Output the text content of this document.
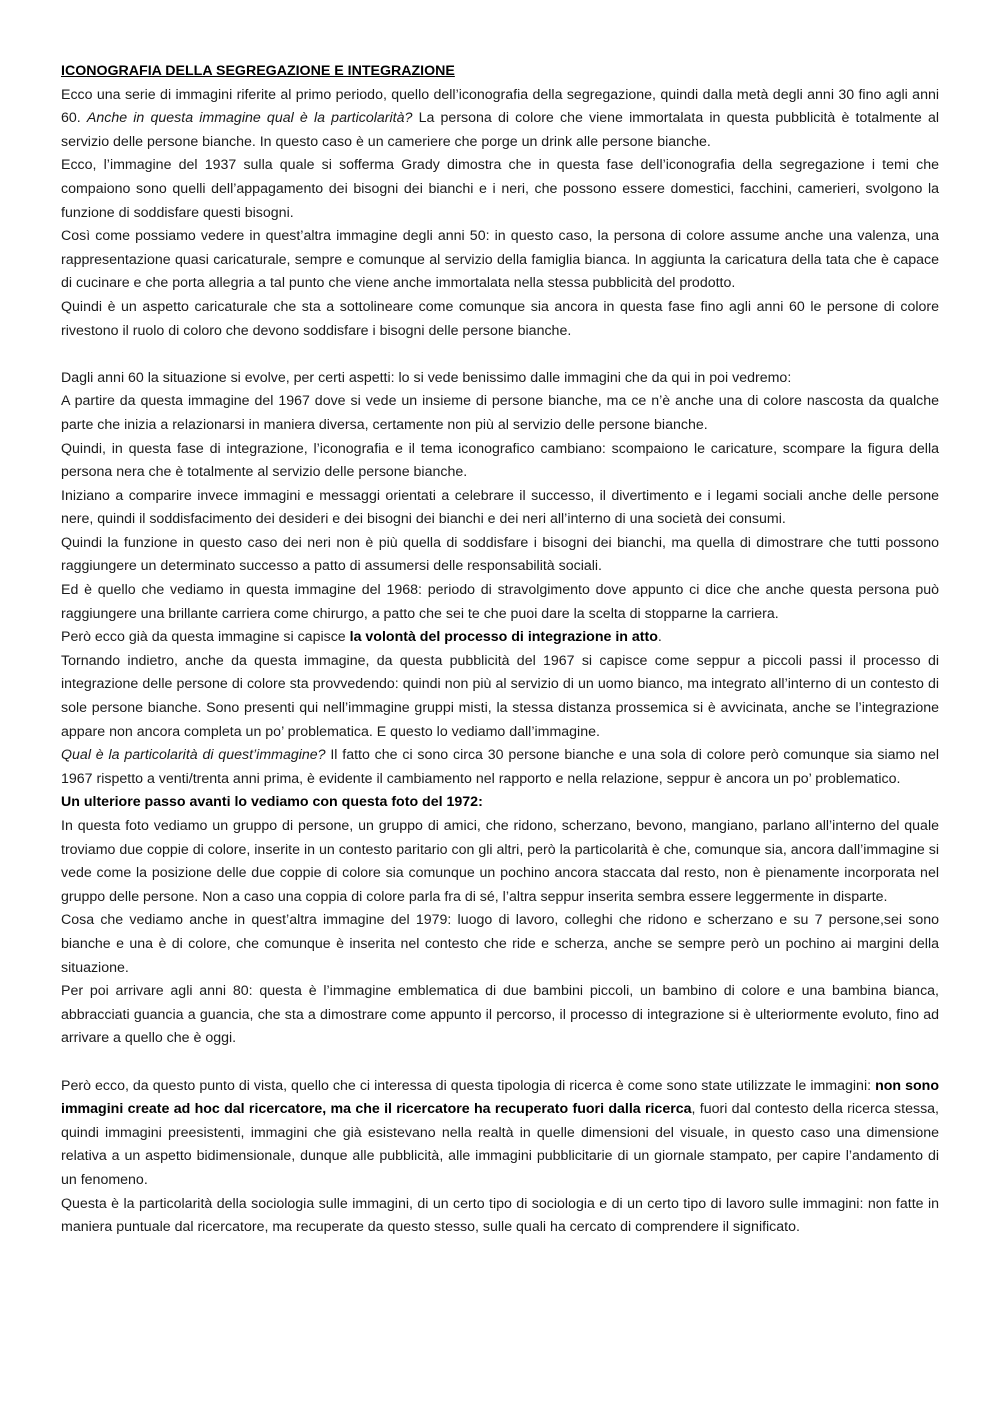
ICONOGRAFIA DELLA SEGREGAZIONE E INTEGRAZIONE

Ecco una serie di immagini riferite al primo periodo, quello dell’iconografia della segregazione, quindi dalla metà degli anni 30 fino agli anni 60. Anche in questa immagine qual è la particolarità? La persona di colore che viene immortalata in questa pubblicità è totalmente al servizio delle persone bianche. In questo caso è un cameriere che porge un drink alle persone bianche.

Ecco, l’immagine del 1937 sulla quale si sofferma Grady dimostra che in questa fase dell’iconografia della segregazione i temi che compaiono sono quelli dell’appagamento dei bisogni dei bianchi e i neri, che possono essere domestici, facchini, camerieri, svolgono la funzione di soddisfare questi bisogni.

Così come possiamo vedere in quest’altra immagine degli anni 50: in questo caso, la persona di colore assume anche una valenza, una rappresentazione quasi caricaturale, sempre e comunque al servizio della famiglia bianca. In aggiunta la caricatura della tata che è capace di cucinare e che porta allegria a tal punto che viene anche immortalata nella stessa pubblicità del prodotto.

Quindi è un aspetto caricaturale che sta a sottolineare come comunque sia ancora in questa fase fino agli anni 60 le persone di colore rivestono il ruolo di coloro che devono soddisfare i bisogni delle persone bianche.

Dagli anni 60 la situazione si evolve, per certi aspetti: lo si vede benissimo dalle immagini che da qui in poi vedremo:

A partire da questa immagine del 1967 dove si vede un insieme di persone bianche, ma ce n’è anche una di colore nascosta da qualche parte che inizia a relazionarsi in maniera diversa, certamente non più al servizio delle persone bianche.

Quindi, in questa fase di integrazione, l’iconografia e il tema iconografico cambiano: scompaiono le caricature, scompare la figura della persona nera che è totalmente al servizio delle persone bianche.

Iniziano a comparire invece immagini e messaggi orientati a celebrare il successo, il divertimento e i legami sociali anche delle persone nere, quindi il soddisfacimento dei desideri e dei bisogni dei bianchi e dei neri all’interno di una società dei consumi.

Quindi la funzione in questo caso dei neri non è più quella di soddisfare i bisogni dei bianchi, ma quella di dimostrare che tutti possono raggiungere un determinato successo a patto di assumersi delle responsabilità sociali.

Ed è quello che vediamo in questa immagine del 1968: periodo di stravolgimento dove appunto ci dice che anche questa persona può raggiungere una brillante carriera come chirurgo, a patto che sei te che puoi dare la scelta di stopparne la carriera.

Però ecco già da questa immagine si capisce la volontà del processo di integrazione in atto.

Tornando indietro, anche da questa immagine, da questa pubblicità del 1967 si capisce come seppur a piccoli passi il processo di integrazione delle persone di colore sta provvedendo: quindi non più al servizio di un uomo bianco, ma integrato all’interno di un contesto di sole persone bianche. Sono presenti qui nell’immagine gruppi misti, la stessa distanza prossemica si è avvicinata, anche se l’integrazione appare non ancora completa un po’ problematica. E questo lo vediamo dall’immagine.

Qual è la particolarità di quest’immagine? Il fatto che ci sono circa 30 persone bianche e una sola di colore però comunque sia siamo nel 1967 rispetto a venti/trenta anni prima, è evidente il cambiamento nel rapporto e nella relazione, seppur è ancora un po’ problematico.

Un ulteriore passo avanti lo vediamo con questa foto del 1972:

In questa foto vediamo un gruppo di persone, un gruppo di amici, che ridono, scherzano, bevono, mangiano, parlano all’interno del quale troviamo due coppie di colore, inserite in un contesto paritario con gli altri, però la particolarità è che, comunque sia, ancora dall’immagine si vede come la posizione delle due coppie di colore sia comunque un pochino ancora staccata dal resto, non è pienamente incorporata nel gruppo delle persone. Non a caso una coppia di colore parla fra di sé, l’altra seppur inserita sembra essere leggermente in disparte.

Cosa che vediamo anche in quest’altra immagine del 1979: luogo di lavoro, colleghi che ridono e scherzano e su 7 persone,sei sono bianche e una è di colore, che comunque è inserita nel contesto che ride e scherza, anche se sempre però un pochino ai margini della situazione.

Per poi arrivare agli anni 80: questa è l’immagine emblematica di due bambini piccoli, un bambino di colore e una bambina bianca, abbracciati guancia a guancia, che sta a dimostrare come appunto il percorso, il processo di integrazione si è ulteriormente evoluto, fino ad arrivare a quello che è oggi.

Però ecco, da questo punto di vista, quello che ci interessa di questa tipologia di ricerca è come sono state utilizzate le immagini: non sono immagini create ad hoc dal ricercatore, ma che il ricercatore ha recuperato fuori dalla ricerca, fuori dal contesto della ricerca stessa, quindi immagini preesistenti, immagini che già esistevano nella realtà in quelle dimensioni del visuale, in questo caso una dimensione relativa a un aspetto bidimensionale, dunque alle pubblicità, alle immagini pubblicitarie di un giornale stampato, per capire l’andamento di un fenomeno.

Questa è la particolarità della sociologia sulle immagini, di un certo tipo di sociologia e di un certo tipo di lavoro sulle immagini: non fatte in maniera puntuale dal ricercatore, ma recuperate da questo stesso, sulle quali ha cercato di comprendere il significato.
